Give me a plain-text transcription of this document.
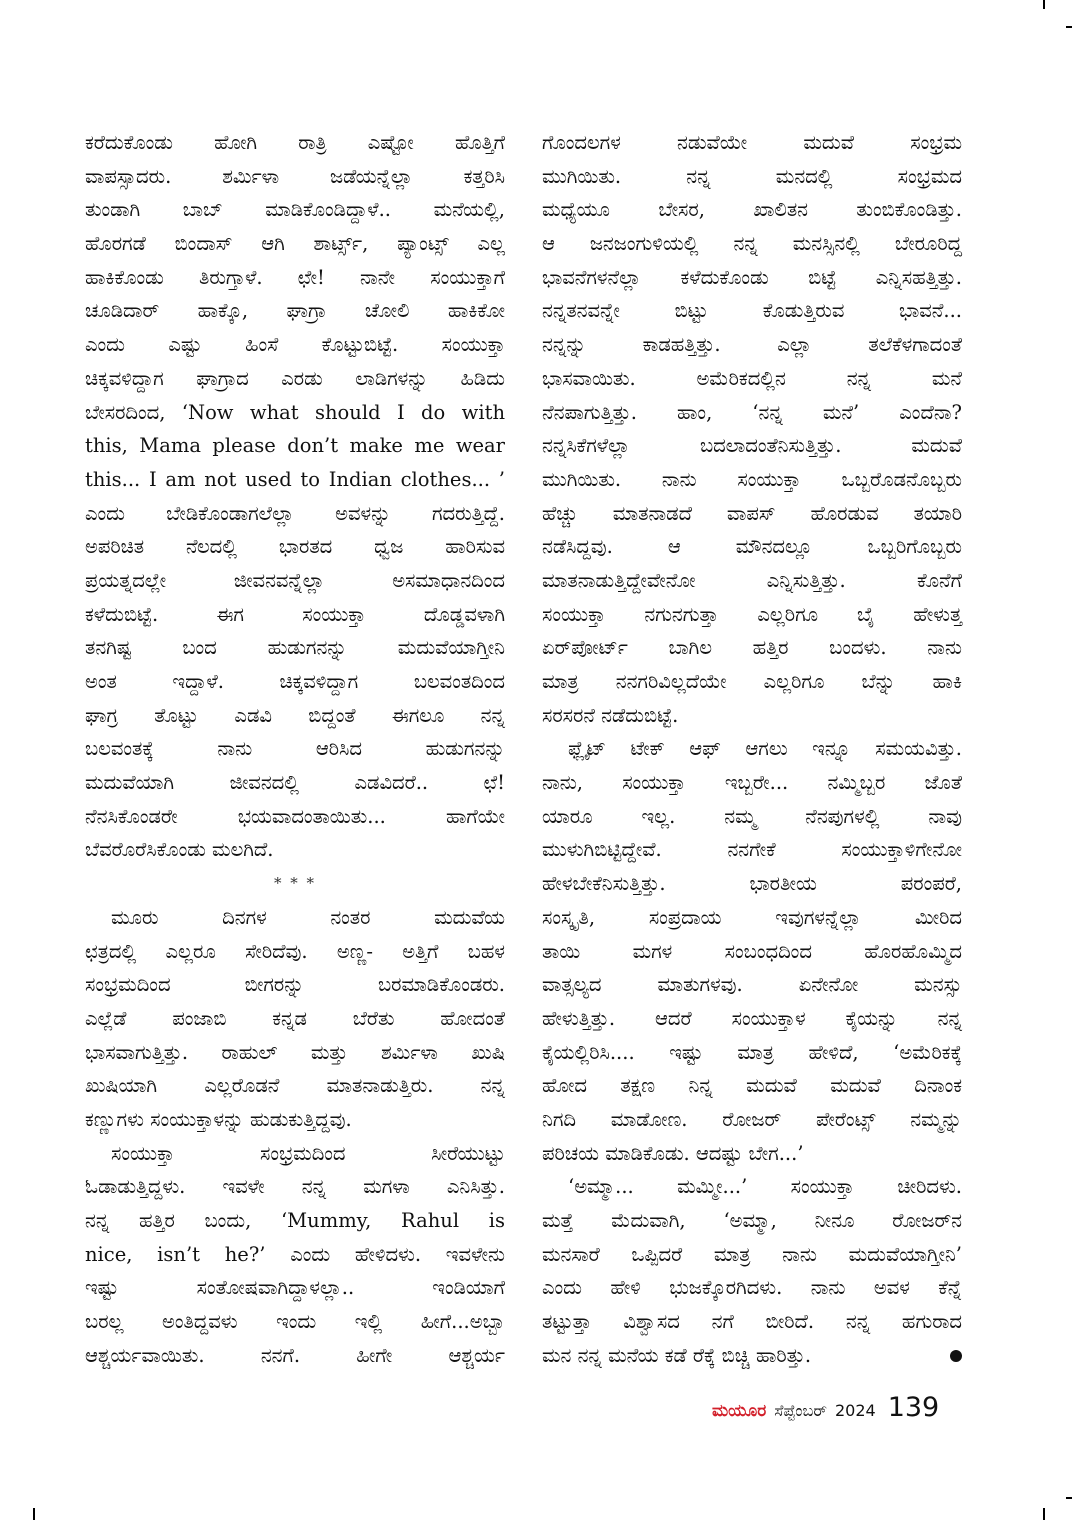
ಕರೆದುಕೊಂಡು ಹೋಗಿ ರಾತ್ರಿ ಎಷ್ಟೋ ಹೊತ್ತಿಗೆ
ವಾಪಸ್ಸಾದರು. ಶರ್ಮಿಳಾ ಜಡೆಯನ್ನೆಲ್ಲಾ ಕತ್ತರಿಸಿ
ತುಂಡಾಗಿ ಬಾಬ್ ಮಾಡಿಕೊಂಡಿದ್ದಾಳೆ.. ಮನೆಯಲ್ಲಿ,
ಹೊರಗಡೆ ಬಿಂದಾಸ್ ಆಗಿ ಶಾರ್ಟ್ಸ್, ಪ್ಯಾಂಟ್ಸ್ ಎಲ್ಲ
ಹಾಕಿಕೊಂಡು ತಿರುಗ್ತಾಳೆ. ಛೇ! ನಾನೇ ಸಂಯುಕ್ತಾಗೆ
ಚೂಡಿದಾರ್ ಹಾಕ್ಕೊ, ಘಾಗ್ರಾ ಚೋಲಿ ಹಾಕಿಕೋ
ಎಂದು ಎಷ್ಟು ಹಿಂಸೆ ಕೊಟ್ಟುಬಿಟ್ಟೆ. ಸಂಯುಕ್ತಾ
ಚಿಕ್ಕವಳಿದ್ದಾಗ ಘಾಗ್ರಾದ ಎರಡು ಲಾಡಿಗಳನ್ನು ಹಿಡಿದು
ಬೇಸರದಿಂದ, ‘Now what should I do with
this, Mama please don’t make me wear
this... I am not used to Indian clothes... ’
ಎಂದು ಬೇಡಿಕೊಂಡಾಗಲೆಲ್ಲಾ ಅವಳನ್ನು ಗದರುತ್ತಿದ್ದೆ.
ಅಪರಿಚಿತ ನೆಲದಲ್ಲಿ ಭಾರತದ ಧ್ವಜ ಹಾರಿಸುವ
ಪ್ರಯತ್ನದಲ್ಲೇ ಜೀವನವನ್ನೆಲ್ಲಾ ಅಸಮಾಧಾನದಿಂದ
ಕಳೆದುಬಿಟ್ಟೆ. ಈಗ ಸಂಯುಕ್ತಾ ದೊಡ್ಡವಳಾಗಿ
ತನಗಿಷ್ಟ ಬಂದ ಹುಡುಗನನ್ನು ಮದುವೆಯಾಗ್ತೀನಿ
ಅಂತ ಇದ್ದಾಳೆ. ಚಿಕ್ಕವಳಿದ್ದಾಗ ಬಲವಂತದಿಂದ
ಘಾಗ್ರ ತೊಟ್ಟು ಎಡವಿ ಬಿದ್ದಂತೆ ಈಗಲೂ ನನ್ನ
ಬಲವಂತಕ್ಕೆ ನಾನು ಆರಿಸಿದ ಹುಡುಗನನ್ನು
ಮದುವೆಯಾಗಿ ಜೀವನದಲ್ಲಿ ಎಡವಿದರೆ.. ಛೆ!
ನೆನಸಿಕೊಂಡರೇ ಭಯವಾದಂತಾಯಿತು... ಹಾಗೆಯೇ
ಬೆವರೊರೆಸಿಕೊಂಡು ಮಲಗಿದೆ.
* * *
ಮೂರು ದಿನಗಳ ನಂತರ ಮದುವೆಯ
ಛತ್ರದಲ್ಲಿ ಎಲ್ಲರೂ ಸೇರಿದೆವು. ಅಣ್ಣ- ಅತ್ತಿಗೆ ಬಹಳ
ಸಂಭ್ರಮದಿಂದ ಬೀಗರನ್ನು ಬರಮಾಡಿಕೊಂಡರು.
ಎಲ್ಲೆಡೆ ಪಂಜಾಬಿ ಕನ್ನಡ ಬೆರೆತು ಹೋದಂತೆ
ಭಾಸವಾಗುತ್ತಿತ್ತು. ರಾಹುಲ್ ಮತ್ತು ಶರ್ಮಿಳಾ ಖುಷಿ
ಖುಷಿಯಾಗಿ ಎಲ್ಲರೊಡನೆ ಮಾತನಾಡುತ್ತಿರು. ನನ್ನ
ಕಣ್ಣುಗಳು ಸಂಯುಕ್ತಾಳನ್ನು ಹುಡುಕುತ್ತಿದ್ದವು.
ಸಂಯುಕ್ತಾ ಸಂಭ್ರಮದಿಂದ ಸೀರೆಯುಟ್ಟು
ಓಡಾಡುತ್ತಿದ್ದಳು. ಇವಳೇ ನನ್ನ ಮಗಳಾ ಎನಿಸಿತ್ತು.
ನನ್ನ ಹತ್ತಿರ ಬಂದು, ‘Mummy, Rahul is
nice, isn’t he?’ ಎಂದು ಹೇಳಿದಳು. ಇವಳೇನು
ಇಷ್ಟು ಸಂತೋಷವಾಗಿದ್ದಾಳಲ್ಲಾ.. ಇಂಡಿಯಾಗೆ
ಬರಲ್ಲ ಅಂತಿದ್ದವಳು ಇಂದು ಇಲ್ಲಿ ಹೀಗೆ...ಅಬ್ಬಾ
ಆಶ್ಚರ್ಯವಾಯಿತು. ನನಗೆ. ಹೀಗೇ ಆಶ್ಚರ್ಯ
ಗೊಂದಲಗಳ ನಡುವೆಯೇ ಮದುವೆ ಸಂಭ್ರಮ
ಮುಗಿಯಿತು. ನನ್ನ ಮನದಲ್ಲಿ ಸಂಭ್ರಮದ
ಮಧ್ಯೆಯೂ ಬೇಸರ, ಖಾಲಿತನ ತುಂಬಿಕೊಂಡಿತ್ತು.
ಆ ಜನಜಂಗುಳಿಯಲ್ಲಿ ನನ್ನ ಮನಸ್ಸಿನಲ್ಲಿ ಬೇರೂರಿದ್ದ
ಭಾವನೆಗಳನೆಲ್ಲಾ ಕಳೆದುಕೊಂಡು ಬಿಟ್ಟೆ ಎನ್ನಿಸಹತ್ತಿತ್ತು.
ನನ್ನತನವನ್ನೇ ಬಿಟ್ಟು ಕೊಡುತ್ತಿರುವ ಭಾವನೆ...
ನನ್ನನ್ನು ಕಾಡಹತ್ತಿತ್ತು. ಎಲ್ಲಾ ತಲೆಕೆಳಗಾದಂತೆ
ಭಾಸವಾಯಿತು. ಅಮೆರಿಕದಲ್ಲಿನ ನನ್ನ ಮನೆ
ನೆನಪಾಗುತ್ತಿತ್ತು. ಹಾಂ, ‘ನನ್ನ ಮನೆ’ ಎಂದೆನಾ?
ನನ್ನಸಿಕೆಗಳೆಲ್ಲಾ ಬದಲಾದಂತೆನಿಸುತ್ತಿತ್ತು. ಮದುವೆ
ಮುಗಿಯಿತು. ನಾನು ಸಂಯುಕ್ತಾ ಒಬ್ಬರೊಡನೊಬ್ಬರು
ಹೆಚ್ಚು ಮಾತನಾಡದೆ ವಾಪಸ್ ಹೊರಡುವ ತಯಾರಿ
ನಡೆಸಿದ್ದವು. ಆ ಮೌನದಲ್ಲೂ ಒಬ್ಬರಿಗೊಬ್ಬರು
ಮಾತನಾಡುತ್ತಿದ್ದೇವೇನೋ ಎನ್ನಿಸುತ್ತಿತ್ತು. ಕೊನೆಗೆ
ಸಂಯುಕ್ತಾ ನಗುನಗುತ್ತಾ ಎಲ್ಲರಿಗೂ ಬೈ ಹೇಳುತ್ತ
ಏರ್‌ಪೋರ್ಟ್ ಬಾಗಿಲ ಹತ್ತಿರ ಬಂದಳು. ನಾನು
ಮಾತ್ರ ನನಗರಿವಿಲ್ಲದೆಯೇ ಎಲ್ಲರಿಗೂ ಬೆನ್ನು ಹಾಕಿ
ಸರಸರನೆ ನಡೆದುಬಿಟ್ಟೆ.
ಫ್ಲೈಟ್ ಟೇಕ್ ಆಫ್ ಆಗಲು ಇನ್ನೂ ಸಮಯವಿತ್ತು.
ನಾನು, ಸಂಯುಕ್ತಾ ಇಬ್ಬರೇ... ನಮ್ಮಿಬ್ಬರ ಜೊತೆ
ಯಾರೂ ಇಲ್ಲ. ನಮ್ಮ ನೆನಪುಗಳಲ್ಲಿ ನಾವು
ಮುಳುಗಿಬಿಟ್ಟಿದ್ದೇವೆ. ನನಗೇಕೆ ಸಂಯುಕ್ತಾಳಿಗೇನೋ
ಹೇಳಬೇಕೆನಿಸುತ್ತಿತ್ತು. ಭಾರತೀಯ ಪರಂಪರೆ,
ಸಂಸ್ಕೃತಿ, ಸಂಪ್ರದಾಯ ಇವುಗಳನ್ನೆಲ್ಲಾ ಮೀರಿದ
ತಾಯಿ ಮಗಳ ಸಂಬಂಧದಿಂದ ಹೊರಹೊಮ್ಮಿದ
ವಾತ್ಸಲ್ಯದ ಮಾತುಗಳವು. ಏನೇನೋ ಮನಸ್ಸು
ಹೇಳುತ್ತಿತ್ತು. ಆದರೆ ಸಂಯುಕ್ತಾಳ ಕೈಯನ್ನು ನನ್ನ
ಕೈಯಲ್ಲಿರಿಸಿ.... ಇಷ್ಟು ಮಾತ್ರ ಹೇಳಿದೆ, ‘ಅಮೆರಿಕಕ್ಕೆ
ಹೋದ ತಕ್ಷಣ ನಿನ್ನ ಮದುವೆ ಮದುವೆ ದಿನಾಂಕ
ನಿಗದಿ ಮಾಡೋಣ. ರೋಜರ್ ಪೇರೆಂಟ್ಸ್ ನಮ್ಮನ್ನು
ಪರಿಚಯ ಮಾಡಿಕೊಡು. ಆದಷ್ಟು ಬೇಗ...’
‘ಅಮ್ಮಾ... ಮಮ್ಮೀ...’ ಸಂಯುಕ್ತಾ ಚೀರಿದಳು.
ಮತ್ತೆ ಮೆದುವಾಗಿ, ‘ಅಮ್ಮಾ, ನೀನೂ ರೋಜರ್‌ನ
ಮನಸಾರೆ ಒಪ್ಪಿದರೆ ಮಾತ್ರ ನಾನು ಮದುವೆಯಾಗ್ತೀನಿ’
ಎಂದು ಹೇಳಿ ಭುಜಕ್ಕೊರಗಿದಳು. ನಾನು ಅವಳ ಕೆನ್ನೆ
ತಟ್ಟುತ್ತಾ ವಿಶ್ವಾಸದ ನಗೆ ಬೀರಿದೆ. ನನ್ನ ಹಗುರಾದ
ಮನ ನನ್ನ ಮನೆಯ ಕಡೆ ರೆಕ್ಕೆ ಬಿಚ್ಚಿ ಹಾರಿತ್ತು.
ಮಯೂರ ಸೆಪ್ಟೆಂಬರ್ 2024 139
